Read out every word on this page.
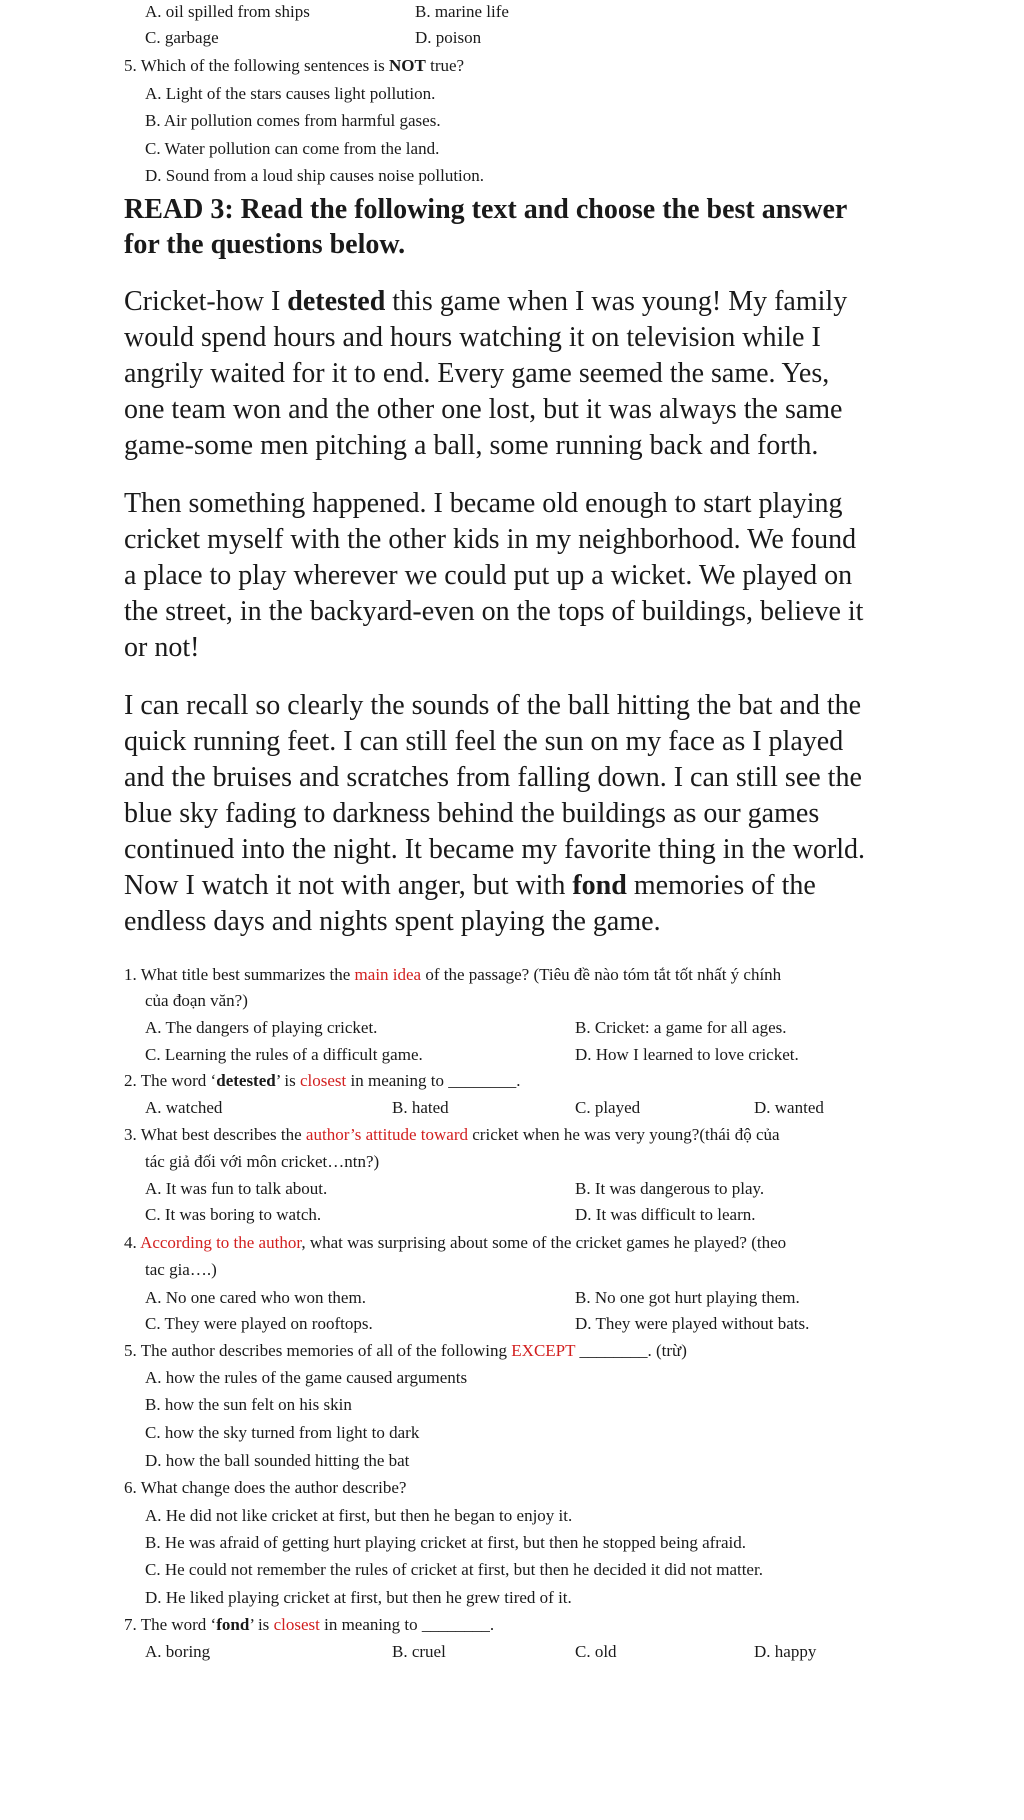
A. oil spilled from ships	B. marine life
C. garbage	D. poison
5. Which of the following sentences is NOT true?
A. Light of the stars causes light pollution.
B. Air pollution comes from harmful gases.
C. Water pollution can come from the land.
D. Sound from a loud ship causes noise pollution.
READ 3: Read the following text and choose the best answer
for the questions below.

Cricket-how I detested this game when I was young! My family
would spend hours and hours watching it on television while I
angrily waited for it to end. Every game seemed the same. Yes,
one team won and the other one lost, but it was always the same
game-some men pitching a ball, some running back and forth.

Then something happened. I became old enough to start playing
cricket myself with the other kids in my neighborhood. We found
a place to play wherever we could put up a wicket. We played on
the street, in the backyard-even on the tops of buildings, believe it
or not!

I can recall so clearly the sounds of the ball hitting the bat and the
quick running feet. I can still feel the sun on my face as I played
and the bruises and scratches from falling down. I can still see the
blue sky fading to darkness behind the buildings as our games
continued into the night. It became my favorite thing in the world.
Now I watch it not with anger, but with fond memories of the
endless days and nights spent playing the game.

1. What title best summarizes the main idea of the passage? (Tiêu đề nào tóm tắt tốt nhất ý chính
của đoạn văn?)
A. The dangers of playing cricket.	B. Cricket: a game for all ages.
C. Learning the rules of a difficult game.	D. How I learned to love cricket.
2. The word ‘detested’ is closest in meaning to ________.
A. watched	B. hated	C. played	D. wanted
3. What best describes the author’s attitude toward cricket when he was very young?(thái độ của
tác giả đối với môn cricket…ntn?)
A. It was fun to talk about.	B. It was dangerous to play.
C. It was boring to watch.	D. It was difficult to learn.
4. According to the author, what was surprising about some of the cricket games he played? (theo
tac gia….)
A. No one cared who won them.	B. No one got hurt playing them.
C. They were played on rooftops.	D. They were played without bats.
5. The author describes memories of all of the following EXCEPT ________. (trừ)
A. how the rules of the game caused arguments
B. how the sun felt on his skin
C. how the sky turned from light to dark
D. how the ball sounded hitting the bat
6. What change does the author describe?
A. He did not like cricket at first, but then he began to enjoy it.
B. He was afraid of getting hurt playing cricket at first, but then he stopped being afraid.
C. He could not remember the rules of cricket at first, but then he decided it did not matter.
D. He liked playing cricket at first, but then he grew tired of it.
7. The word ‘fond’ is closest in meaning to ________.
A. boring	B. cruel	C. old	D. happy
